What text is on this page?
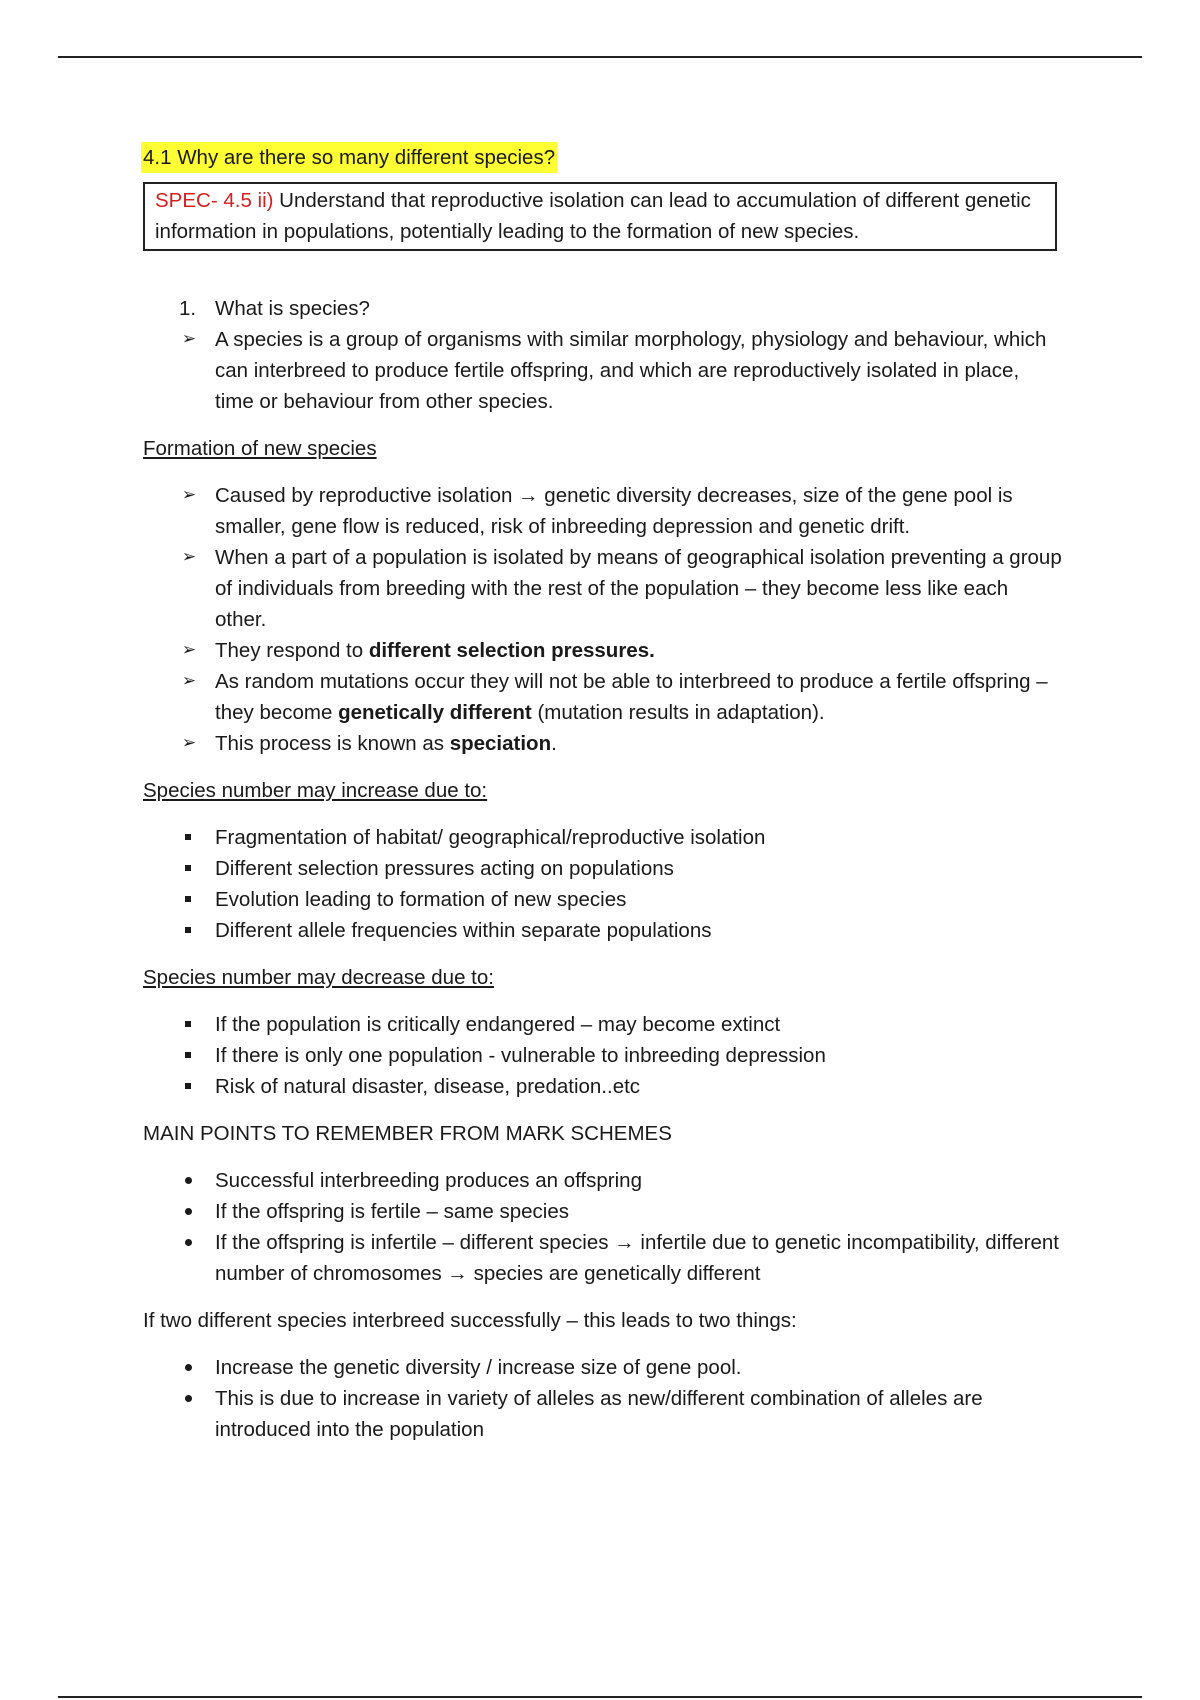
4.1 Why are there so many different species?
SPEC- 4.5 ii) Understand that reproductive isolation can lead to accumulation of different genetic information in populations, potentially leading to the formation of new species.
1. What is species?
➢ A species is a group of organisms with similar morphology, physiology and behaviour, which can interbreed to produce fertile offspring, and which are reproductively isolated in place, time or behaviour from other species.
Formation of new species
➢ Caused by reproductive isolation → genetic diversity decreases, size of the gene pool is smaller, gene flow is reduced, risk of inbreeding depression and genetic drift.
➢ When a part of a population is isolated by means of geographical isolation preventing a group of individuals from breeding with the rest of the population – they become less like each other.
➢ They respond to different selection pressures.
➢ As random mutations occur they will not be able to interbreed to produce a fertile offspring – they become genetically different (mutation results in adaptation).
➢ This process is known as speciation.
Species number may increase due to:
Fragmentation of habitat/ geographical/reproductive isolation
Different selection pressures acting on populations
Evolution leading to formation of new species
Different allele frequencies within separate populations
Species number may decrease due to:
If the population is critically endangered – may become extinct
If there is only one population - vulnerable to inbreeding depression
Risk of natural disaster, disease, predation..etc
MAIN POINTS TO REMEMBER FROM MARK SCHEMES
Successful interbreeding produces an offspring
If the offspring is fertile – same species
If the offspring is infertile – different species → infertile due to genetic incompatibility, different number of chromosomes → species are genetically different
If two different species interbreed successfully – this leads to two things:
Increase the genetic diversity / increase size of gene pool.
This is due to increase in variety of alleles as new/different combination of alleles are introduced into the population
